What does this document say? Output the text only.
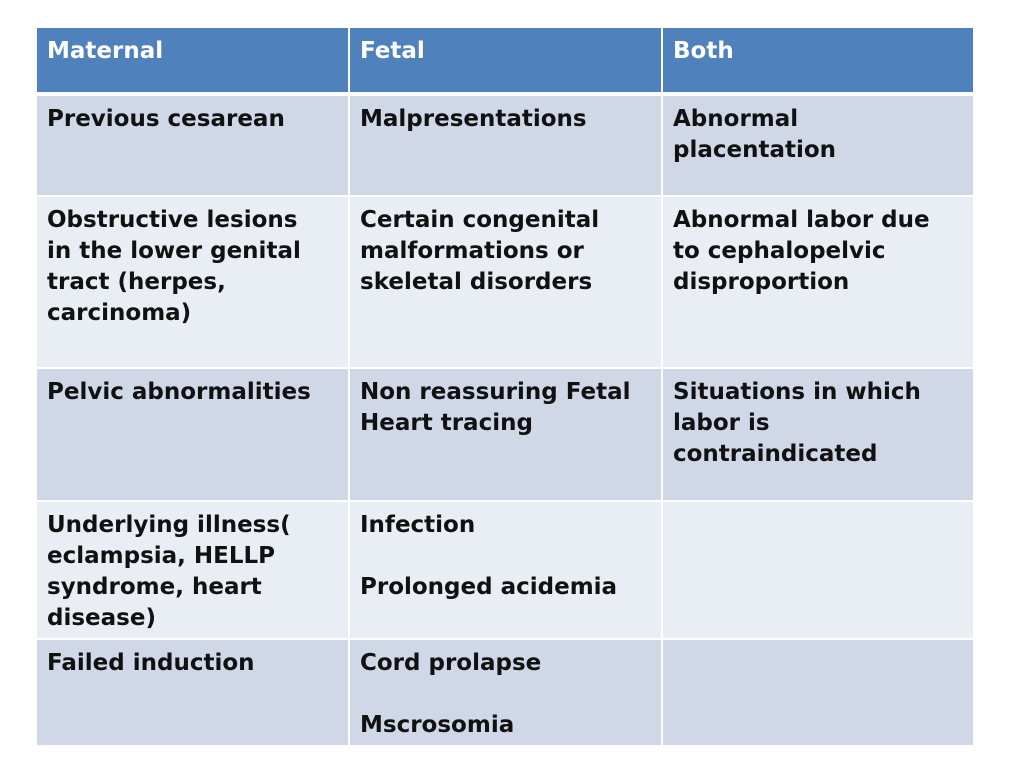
Maternal	Fetal	Both

Previous cesarean	Malpresentations	Abnormal
placentation

Obstructive lesions
in the lower genital
tract (herpes,
carcinoma)	Certain congenital
malformations or
skeletal disorders	Abnormal labor due
to cephalopelvic
disproportion

Pelvic abnormalities	Non reassuring Fetal
Heart tracing	Situations in which
labor is
contraindicated

Underlying illness(
eclampsia, HELLP
syndrome, heart
disease)	Infection
Prolonged acidemia	

Failed induction	Cord prolapse
Mscrosomia	
